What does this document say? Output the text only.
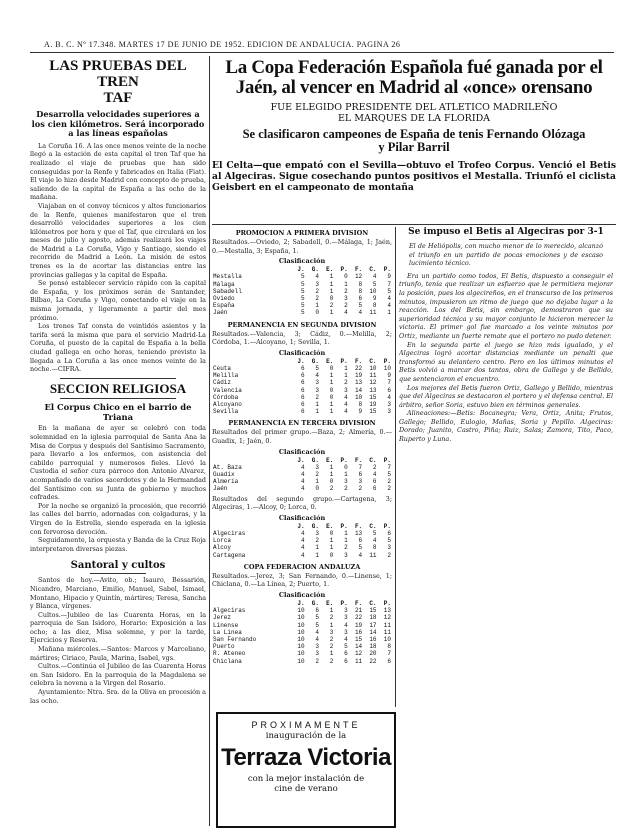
A. B. C. Nº 17.348. MARTES 17 DE JUNIO DE 1952. EDICION DE ANDALUCIA. PAGINA 26
LAS PRUEBAS DEL TREN
TAF

Desarrolla velocidades superiores a los cien kilómetros. Será incorporado a las líneas españolas

La Coruña 16. A las once menos veinte de la noche llegó a la estación de esta capital el tren Taf que ha realizado el viaje de pruebas que han sido conseguidas por la Renfe y fabricados en Italia (Fiat). El viaje lo hizo desde Madrid con concepto de prueba, saliendo de la capital de España a las ocho de la mañana.

Viajaban en el convoy técnicos y altos funcionarios de la Renfe, quienes manifestaron que el tren desarrolló velocidades superiores a los cien kilómetros por hora y que el Taf, que circulará en los meses de julio y agosto, además realizará los viajes de Madrid a La Coruña, Vigo y Santiago, siendo el recorrido de Madrid a León. La misión de estos trenes es la de acortar las distancias entre las provincias gallegas y la capital de España.

Se pensó establecer servicio rápido con la capital de España, y los próximos serán de Santander, Bilbao, La Coruña y Vigo, conectando el viaje en la misma jornada, y ligeramente a partir del mes próximo.

Los trenes Taf consta de veintidós asientos y la tarifa será la misma que para el servicio Madrid-La Coruña, el puesto de la capital de España a la bella ciudad gallega en ocho horas, teniendo previsto la llegada a La Coruña a las once menos veinte de la noche.—CIFRA.

SECCION RELIGIOSA

El Corpus Chico en el barrio de Triana

En la mañana de ayer se celebró con toda solemnidad en la iglesia parroquial de Santa Ana la Misa de Corpus y después del Santísimo Sacramento, para llevarlo a los enfermos, con asistencia del cabildo parroquial y numerosos fieles. Llevó la Custodia el señor cura párroco don Antonio Alvarez, acompañado de varios sacerdotes y de la Hermandad del Santísimo con su Junta de gobierno y muchos cofrades.

Por la noche se organizó la procesión, que recorrió las calles del barrio, adornadas con colgaduras, y la Virgen de la Estrella, siendo esperada en la iglesia con fervorosa devoción.

Seguidamente, la orquesta y Banda de la Cruz Roja interpretaron diversas piezas.

Santoral y cultos

Santos de hoy.—Avito, ob.; Isauro, Bessarión, Nicandro, Marciano, Emilio, Manuel, Sabel, Ismael, Montano, Hipacio y Quintín, mártires; Teresa, Sancha y Blanca, vírgenes.

Cultos.—Jubileo de las Cuarenta Horas, en la parroquia de San Isidoro, Horario: Exposición a las ocho; a las diez, Misa solemne, y por la tarde, Ejercicios y Reserva.

Mañana miércoles.—Santos: Marcos y Marceliano, mártires; Ciriaco, Paula, Marina, Isabel, vgs.

Cultos.—Continúa el Jubileo de las Cuarenta Horas en San Isidoro. En la parroquia de la Magdalena se celebra la novena a la Virgen del Rosario.

Ayuntamiento: Ntra. Sra. de la Oliva en procesión a las ocho.

La Copa Federación Española fué ganada por el
Jaén, al vencer en Madrid al «once» orensano
FUE ELEGIDO PRESIDENTE DEL ATLETICO MADRILEÑO
EL MARQUES DE LA FLORIDA
Se clasificaron campeones de España de tenis Fernando Olózaga
y Pilar Barril

El Celta—que empató con el Sevilla—obtuvo el Trofeo Corpus. Venció el Betis al Algeciras. Sigue cosechando puntos positivos el Mestalla. Triunfó el ciclista Geisbert en el campeonato de montaña

PROMOCION A PRIMERA DIVISION

Resultados.—Oviedo, 2; Sabadell, 0.—Málaga, 1; Jaén, 0.—Mestalla, 3; España, 1.

Clasificación
	J.	G.	E.	P.	F.	C.	P.
Mestalla	5	4	1	0	12	4	9
Málaga	5	3	1	1	8	5	7
Sabadell	5	2	1	2	8	10	5
Oviedo	5	2	0	3	6	9	4
España	5	1	2	2	5	8	4
Jaén	5	0	1	4	4	11	1
PERMANENCIA EN SEGUNDA DIVISION

Resultados.—Valencia, 3; Cádiz, 0.—Melilla, 2; Córdoba, 1.—Alcoyano, 1; Sevilla, 1.

Clasificación
	J.	G.	E.	P.	F.	C.	P.
Ceuta	6	5	0	1	22	10	10
Melilla	6	4	1	1	19	11	9
Cádiz	6	3	1	2	13	12	7
Valencia	6	3	0	3	14	13	6
Córdoba	6	2	0	4	10	15	4
Alcoyano	6	1	1	4	8	19	3
Sevilla	6	1	1	4	9	15	3
PERMANENCIA EN TERCERA DIVISION

Resultados del primer grupo.—Baza, 2; Almería, 0.—Guadix, 1; Jaén, 0.

Clasificación
	J.	G.	E.	P.	F.	C.	P.
At. Baza	4	3	1	0	7	2	7
Guadix	4	2	1	1	6	4	5
Almería	4	1	0	3	3	6	2
Jaén	4	0	2	2	2	6	2

Resultados del segundo grupo.—Cartagena, 3; Algeciras, 1.—Alcoy, 0; Lorca, 0.

Clasificación
	J.	G.	E.	P.	F.	C.	P.
Algeciras	4	3	0	1	13	5	6
Lorca	4	2	1	1	6	4	5
Alcoy	4	1	1	2	5	8	3
Cartagena	4	1	0	3	4	11	2
COPA FEDERACION ANDALUZA

Resultados.—Jerez, 3; San Fernando, 0.—Linense, 1; Chiclana, 0.—La Línea, 2; Puerto, 1.

Clasificación
	J.	G.	E.	P.	F.	C.	P.
Algeciras	10	6	1	3	21	15	13
Jerez	10	5	2	3	22	18	12
Linense	10	5	1	4	19	17	11
La Línea	10	4	3	3	16	14	11
San Fernando	10	4	2	4	15	16	10
Puerto	10	3	2	5	14	18	8
R. Ateneo	10	3	1	6	12	20	7
Chiclana	10	2	2	6	11	22	6

Se impuso el Betis al Algeciras por 3-1

El de Heliópolis, con mucho menor de lo merecido, alcanzó el triunfo en un partido de pocas emociones y de escaso lucimiento técnico.

Era un partido como todos, El Betis, dispuesto a conseguir el triunfo, tenía que realizar un esfuerzo que le permitiera mejorar la posición, pues los algecireños, en el transcurso de los primeros minutos, impusieron un ritmo de juego que no dejaba lugar a la reacción. Los del Betis, sin embargo, demostraron que su superioridad técnica y su mayor conjunto le hicieron merecer la victoria. El primer gol fue marcado a los veinte minutos por Ortiz, mediante un fuerte remate que el portero no pudo detener.

En la segunda parte el juego se hizo más igualado, y el Algeciras logró acortar distancias mediante un penalti que transformó su delantero centro. Pero en los últimos minutos el Betis volvió a marcar dos tantos, obra de Gallego y de Bellido, que sentenciaron el encuentro.

Los mejores del Betis fueron Ortiz, Gallego y Bellido, mientras que del Algeciras se destacaron el portero y el defensa central. El árbitro, señor Soria, estuvo bien en términos generales.

Alineaciones:—Betis: Bocanegra; Vera, Ortiz, Anita; Frutos, Gallego; Bellido, Eulogio, Mañas, Soria y Pepillo. Algeciras: Dorado; Juanito, Castro, Piña; Ruiz, Salas; Zamora, Tito, Paco, Ruperto y Luna.

PROXIMAMENTE
inauguración de la
Terraza Victoria
con la mejor instalación de
cine de verano
